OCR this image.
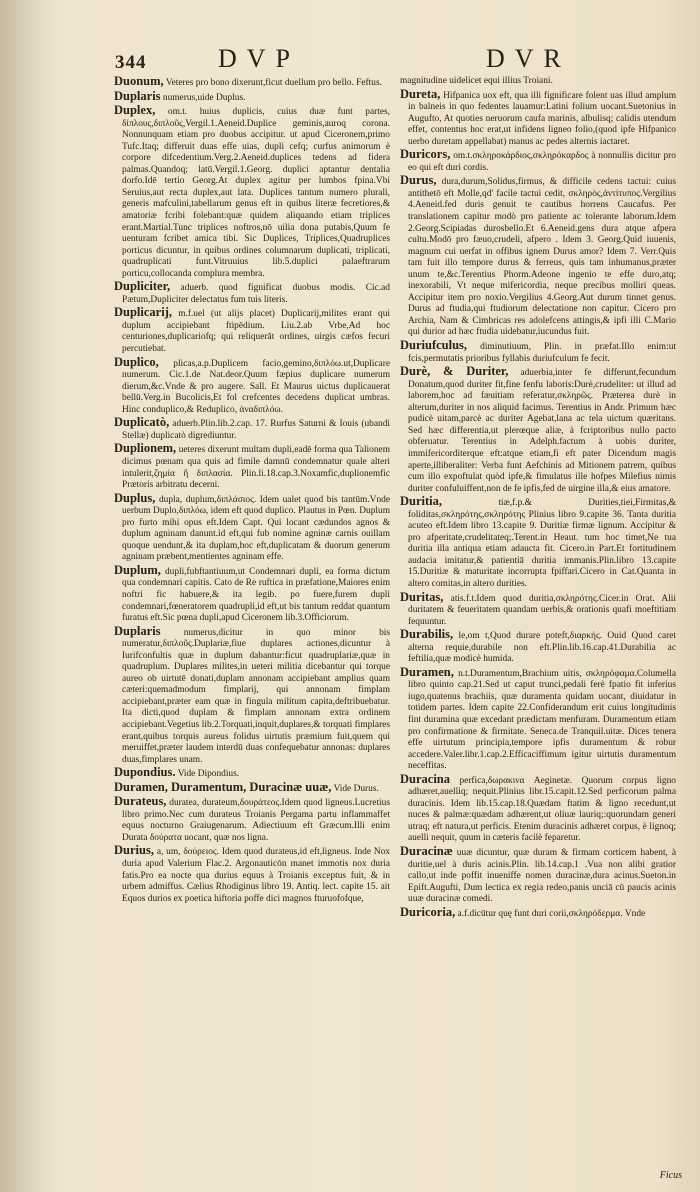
344	DVP	DVR

Duonum, Veteres pro bono dixerunt,ficut duellum pro bello. Feftus.

Duplaris numerus,uide Duplus.

Duplex, om.t. huius duplicis, cuius duæ funt partes, δίπλους,διπλοῦς,Vergil.1.Aeneid.Duplice geminis,auroq corona. Nonnunquam etiam pro duobus accipitur. ut apud Ciceronem,primo Tufc.Itaq; differuit duas effe uias, dupli cefq; curfus animorum è corpore difcedentium.Verg.2.Aeneid.duplices tedens ad fidera palmas.Quandoq; latū.Vergil.1.Georg. duplici aptantur dentalia dorfo.Idē tertio Georg.At duplex agitur per lumbos fpina.Vbi Seruius,aut recta duplex,aut lata. Duplices tantum numero plurali, generis mafculini,tabellarum genus eft in quibus literæ fecretiores,& amatoriæ fcribi folebant:quæ quidem aliquando etiam triplices erant.Martial.Tunc triplices noftros,nō uilia dona putabis,Quum fe uenturam fcribet amica tibi. Sic Duplices, Triplices,Quadruplices porticus dicuntur, in quibus ordines columnarum duplicati, triplicati, quadruplicati funt.Vitruuius lib.5.duplici palaeftrarum porticu,collocanda complura membra.

Dupliciter, aduerb. quod fignificat duobus modis. Cic.ad Pætum,Dupliciter delectatus fum tuis literis.

Duplicarij, m.f.uel (ut alijs placet) Duplicarij,milites erant qui duplum accipiebant ftipēdium. Liu.2.ab Vrbe,Ad hoc centuriones,duplicariofq; qui reliquerāt ordines, uirgis cæfos fecuri percutiebat.

Duplico, plicas,a.p.Duplicem facio,gemino,διπλόω.ut,Duplicare numerum. Cic.1.de Nat.deor.Quum fæpius duplicare numerum dierum,&c.Vnde & pro augere. Sall. Et Maurus uictus duplicauerat bellū.Verg.in Bucolicis,Et fol crefcentes decedens duplicat umbras. Hinc conduplico,& Reduplico, ἀναδιπλόω.

Duplicatò, aduerb.Plin.lib.2.cap. 17. Rurfus Saturni & Iouis (ubandi Stellæ) duplicatò digrediuntur.

Duplionem, ueteres dixerunt multam dupli,eadē forma qua Talionem dicimus pœnam qua quis ad fimile damnū condemnatur quale alteri intulerit,ζημία ἢ διπλασία. Plin.li.18.cap.3.Noxamfic,duplionemfic Prætoris arbitratu decerni.

Duplus, dupla, duplum,διπλάσιος. Idem ualet quod bis tantūm.Vnde uerbum Duplo,διπλόω, idem eft quod duplico. Plautus in Pœn. Duplum pro furto mihi opus eft.Idem Capt. Qui locant cædundos agnos & duplum agninam danunt.id eft,qui fub nomine agninæ carnis ouillam quoque uendunt,& ita duplam,hoc eft,duplicatam & duorum generum agninam præbent,mentientes agninam effe.

Duplum, dupli,fubftantiuum,ut Condemnari dupli, ea forma dictum qua condemnari capitis. Cato de Re ruftica in præfatione,Maiores enim noftri fic habuere,& ita legib. po fuere,furem dupli condemnari,fœneratorem quadrupli,id eft,ut bis tantum reddat quantum furatus eft.Sic pœna dupli,apud Ciceronem lib.3.Officiorum.

Duplaris numerus,dicitur in quo minor bis numeratur,διπλοῦς.Duplariæ,fiue duplares actiones,dicuntur à Iurifconfultis quæ in duplum dabantur:ficut quadruplariæ,quæ in quadruplum. Duplares milites,in ueteri militia dicebantur qui torque aureo ob uirtutē donati,duplam annonam accipiebant amplius quam cæteri:quemadmodum fimplarij, qui annonam fimplam accipiebant,præter eam quæ in fingula militum capita,deftribuebatur. Ita dicti,quod duplam & fimplam annonam extra ordinem accipiebant.Vegetius lib.2.Torquati,inquit,duplares,& torquati fimplares erant,quibus torquis aureus folidus uirtutis præmium fuit,quem qui meruiffet,præter laudem interdū duas confequebatur annonas: duplares duas,fimplares unam.

Dupondius. Vide Dipondius.

Duramen, Duramentum, Duracinæ uuæ, Vide Durus.

Durateus, duratea, durateum,δουράτεος.Idem quod ligneus.Lucretius libro primo.Nec cum durateus Troianis Pergama partu inflammaffet equus nocturno Graiugenarum. Adiectiuum eft Græcum.Illi enim Durata δούρατα uocant, quæ nos ligna.

Durius, a, um, δούρειος. Idem quod durateus,id eft,ligneus. Inde Nox duria apud Valerium Flac.2. Argonauticōn manet immotis nox duria fatis.Pro ea nocte qua durius equus à Troianis exceptus fuit, & in urbem admiffus. Cælius Rhodiginus libro 19. Antiq. lect. capite 15. ait Equos durios ex poetica hiftoria poffe dici magnos fturuofofque,

magnitudine uidelicet equi illius Troiani.

Dureta, Hifpanica uox eft, qua illi fignificare folent uas illud amplum in balneis in quo fedentes lauamur:Latini folium uocant.Suetonius in Augufto, At quoties neruorum caufa marinis, albulisq; calidis utendum effet, contentus hoc erat,ut infidens ligneo folio,(quod ipfe Hifpanico uerbo duretam appellabat) manus ac pedes alternis iactaret.

Duricors, om.t.σκληροκάρδιος,σκληρόκαρδος à nonnullis dicitur pro eo qui eft duri cordis.

Durus, dura,durum,Solidus,firmus, & difficile cedens tactui: cuius antithetō eft Molle,qd' facile tactui cedit, σκληρὸς,ἀντίτυπος.Vergilius 4.Aeneid.fed duris genuit te cautibus horrens Caucafus. Per translationem capitur modò pro patiente ac tolerante laborum.Idem 2.Georg.Scipiadas durosbello.Et 6.Aeneid.gens dura atque afpera cultu.Modō pro fæuo,crudeli, afpero . Idem 3. Georg.Quid iuuenis, magnum cui uerfat in offibus ignem Durus amor? Idem 7. Verr.Quis tam fuit illo tempore durus & ferreus, quis tam inhumanus,præter unum te,&c.Terentius Phorm.Adeone ingenio te effe duro,atq; inexorabili, Vt neque mifericordia, neque precibus molliri queas. Accipitur item pro noxio.Vergilius 4.Georg.Aut durum tinnet genus. Durus ad ftudia,qui ftudiorum delectatione non capitur. Cicero pro Archia, Nam & Cimbricas res adolefcens attingis,& ipfi illi C.Mario qui durior ad hæc ftudia uidebatur,iucundus fuit.

Duriufculus, diminutiuum, Plin. in præfat.Illo enim:ut fcis,permutatis prioribus fyllabis duriufculum fe fecit.

Durè, & Duriter, aduerbia,inter fe differunt,fecundum Donatum,quod duriter fit,fine fenfu laboris:Durè,crudeliter: ut illud ad laborem,hoc ad fæuitiam referatur,σκληρῶς. Præterea durè in alterum,duriter in nos aliquid facimus. Terentius in Andr. Primum hæc pudicè uitam,parcè ac duriter Agebat,lana ac tela uictum quæritans. Sed hæc differentia,ut plerœque aliæ, à fcriptoribus nullo pacto obferuatur. Terentius in Adelph.factum à uobis duriter, immifericorditerque eft:atque etiam,fi eft pater Dicendum magis aperte,illiberaliter: Verba funt Aefchinis ad Mitionem patrem, quibus cum illo expoftulat quòd ipfe,& fimulatus ille hofpes Milefius nimis duriter confuluiffent,non de fe ipfis,fed de uirgine illa,& eius amatore.

Duritia,	tiæ,f.p.& Durities,tiei,Firmitas,& foliditas,σκληρότης,σκληρότης Plinius libro 9.capite 36. Tanta duritia acuteo eft.Idem libro 13.capite 9. Duritiæ firmæ lignum. Accipitur & pro afperitate,crudelitateq;.Terent.in Heaut. tum hoc timet,Ne tua duritia illa antiqua etiam adaucta fit. Cicero.in Part.Et fortitudinem audacia imitatur,& patientiā duritia immanis.Plin.libro 13.capite 15.Duritiæ & maturitate incorrupta fpiffari.Cicero in Cat.Quanta in altero comitas,in altero durities.

Duritas, atis.f.t.Idem quod duritia,σκληρότης.Cicer.in Orat. Alii duritatem & feueritatem quandam uerbis,& orationis quafi moeftitiam fequuntur.

Durabilis, le,om t,Quod durare poteft,διαρκής. Ouid Quod caret alterna requie,durabile non eft.Plin.lib.16.cap.41.Durabilia ac feftilia,quæ modicè humida.

Duramen, n.t.Duramentum,Brachium uitis, σκληρόφαμα.Columella libro quinto cap.21.Sed ut caput trunci,pedali ferè fpatio fit inferius iugo,quatenus brachiis, quæ duramenta quidam uocant, diuidatur in totidem partes. Idem capite 22.Confiderandum erit cuius longitudinis fint duramina quæ excedant prædictam menfuram. Duramentum etiam pro confirmatione & firmitate. Seneca.de Tranquil.uitæ. Dices tenera effe uirtutum principia,tempore ipfis duramentum & robur accedere.Valer.libr.1.cap.2.Efficaciffimum igitur uirtutis duramentum neceffitas.

Duracina perfica,δωρακινα Aeginetæ. Quorum corpus ligno adhæret,auelliq; nequit.Plinius libr.15.capit.12.Sed perficorum palma duracinis. Idem lib.15.cap.18.Quædam ftatim & ligno recedunt,ut nuces & palmæ:quædam adhærent,ut oliuæ lauriq;:quorundam generi utraq; eft natura,ut perficis. Etenim duracinis adhæret corpus, è lignoq; auelli nequit, quum in cæteris facilè feparetur.

Duracinæ uuæ dicuntur, quæ duram & firmam corticem habent, à duritie,uel à duris acinis.Plin. lib.14.cap.1 .Vua non alibi gratior callo,ut inde poffit inueniffe nomen duracinæ,dura acinus.Sueton.in Epift.Augufti, Dum lectica ex regia redeo,panis unciā cū paucis acinis uuæ duracinæ comedi.

Duricoria, a.f.dicūtur quę funt duri corii,σκληρόδερμα. Vnde

Ficus
